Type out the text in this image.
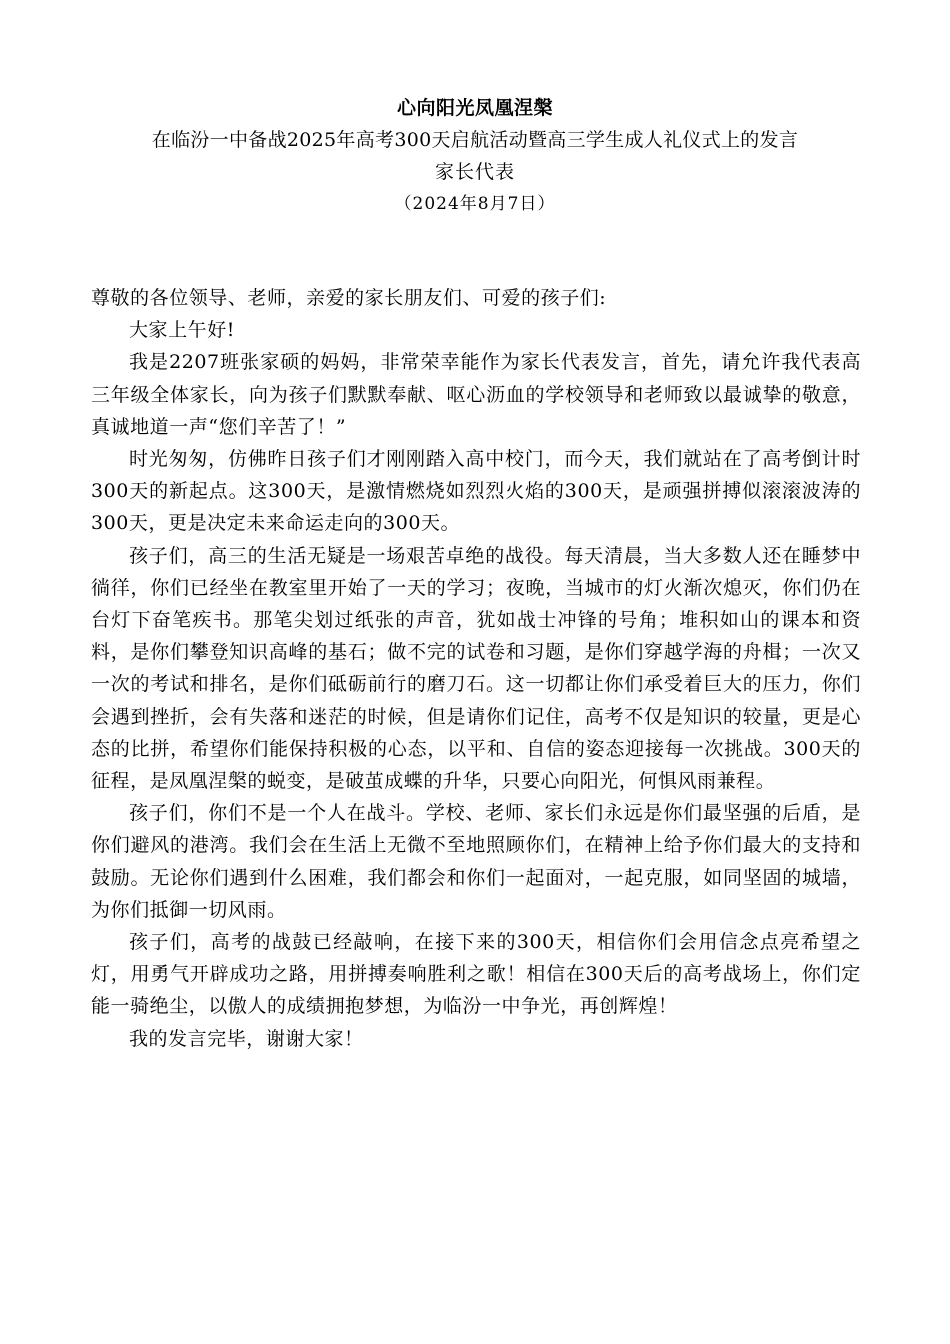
心向阳光凤凰涅槃

在临汾一中备战2025年高考300天启航活动暨高三学生成人礼仪式上的发言

家长代表

（2024年8月7日）

尊敬的各位领导、老师，亲爱的家长朋友们、可爱的孩子们:

大家上午好!

我是2207班张家硕的妈妈，非常荣幸能作为家长代表发言，首先，请允许我代表高三年级全体家长，向为孩子们默默奉献、呕心沥血的学校领导和老师致以最诚挚的敬意，真诚地道一声“您们辛苦了！”

时光匆匆，仿佛昨日孩子们才刚刚踏入高中校门，而今天，我们就站在了高考倒计时300天的新起点。这300天，是激情燃烧如烈烈火焰的300天，是顽强拼搏似滚滚波涛的300天，更是决定未来命运走向的300天。

孩子们，高三的生活无疑是一场艰苦卓绝的战役。每天清晨，当大多数人还在睡梦中徜徉，你们已经坐在教室里开始了一天的学习；夜晚，当城市的灯火渐次熄灭，你们仍在台灯下奋笔疾书。那笔尖划过纸张的声音，犹如战士冲锋的号角；堆积如山的课本和资料，是你们攀登知识高峰的基石；做不完的试卷和习题，是你们穿越学海的舟楫；一次又一次的考试和排名，是你们砥砺前行的磨刀石。这一切都让你们承受着巨大的压力，你们会遇到挫折，会有失落和迷茫的时候，但是请你们记住，高考不仅是知识的较量，更是心态的比拼，希望你们能保持积极的心态，以平和、自信的姿态迎接每一次挑战。300天的征程，是凤凰涅槃的蜕变，是破茧成蝶的升华，只要心向阳光，何惧风雨兼程。

孩子们，你们不是一个人在战斗。学校、老师、家长们永远是你们最坚强的后盾，是你们避风的港湾。我们会在生活上无微不至地照顾你们，在精神上给予你们最大的支持和鼓励。无论你们遇到什么困难，我们都会和你们一起面对，一起克服，如同坚固的城墙，为你们抵御一切风雨。

孩子们，高考的战鼓已经敲响，在接下来的300天，相信你们会用信念点亮希望之灯，用勇气开辟成功之路，用拼搏奏响胜利之歌！相信在300天后的高考战场上，你们定能一骑绝尘，以傲人的成绩拥抱梦想，为临汾一中争光，再创辉煌！

我的发言完毕，谢谢大家！
